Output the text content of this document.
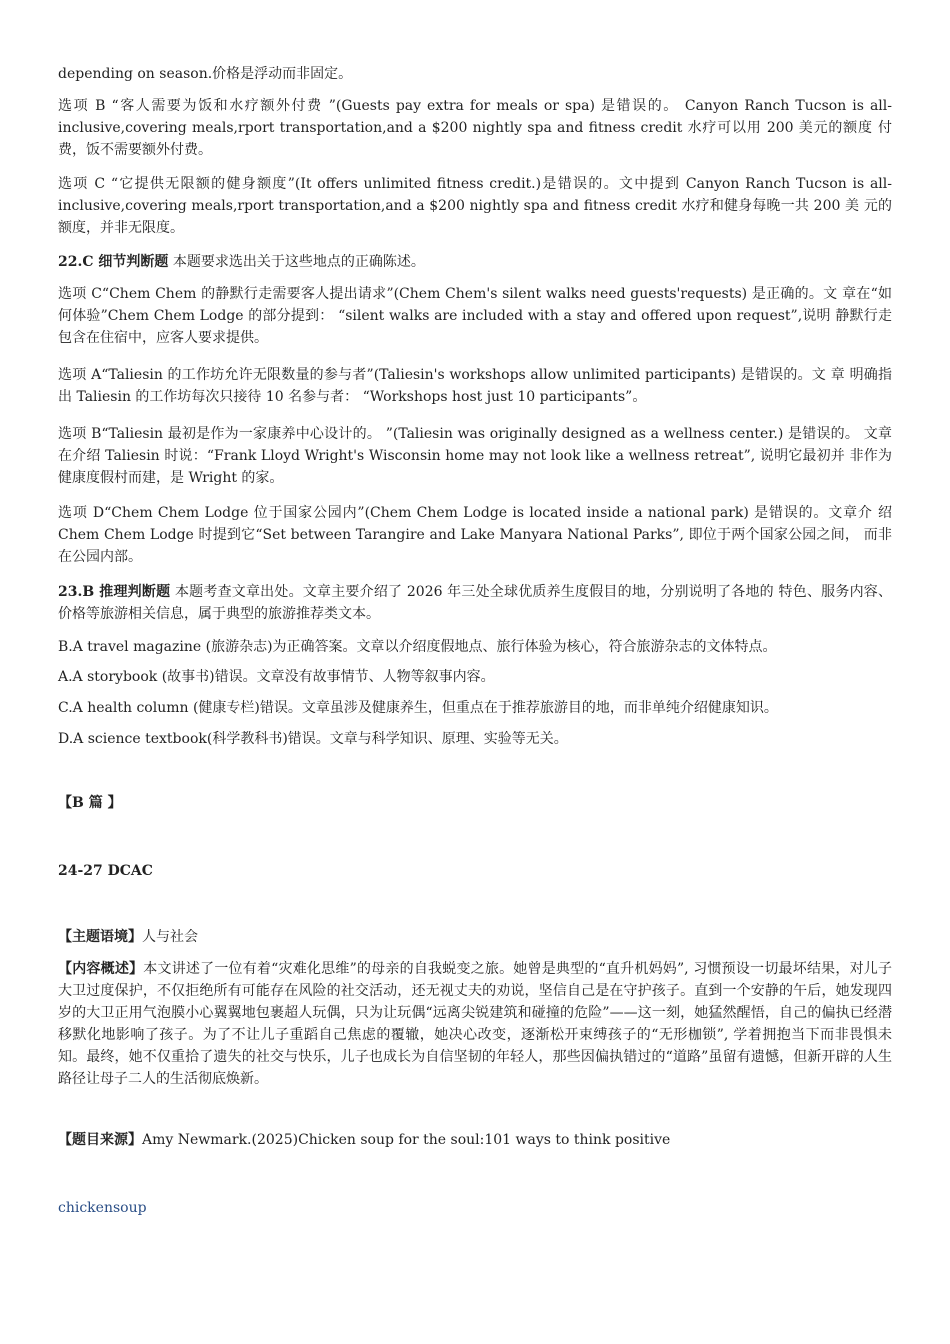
depending on season.价格是浮动而非固定。

选项 B “客人需要为饭和水疗额外付费 ”(Guests pay extra for meals or spa) 是错误的。 Canyon Ranch Tucson is all-inclusive,covering meals,rport transportation,and a $200 nightly spa and fitness credit 水疗可以用 200 美元的额度 付费，饭不需要额外付费。

选项 C “它提供无限额的健身额度”(It offers unlimited fitness credit.)是错误的。文中提到 Canyon Ranch Tucson is all-inclusive,covering meals,rport transportation,and a $200 nightly spa and fitness credit 水疗和健身每晚一共 200 美 元的额度，并非无限度。

22.C 细节判断题 本题要求选出关于这些地点的正确陈述。

选项 C“Chem Chem 的静默行走需要客人提出请求”(Chem Chem's silent walks need guests'requests) 是正确的。文 章在“如何体验”Chem Chem Lodge 的部分提到： “silent walks are included with a stay and offered upon request”,说明 静默行走包含在住宿中，应客人要求提供。

选项 A“Taliesin 的工作坊允许无限数量的参与者”(Taliesin's workshops allow unlimited participants) 是错误的。文 章 明确指出 Taliesin 的工作坊每次只接待 10 名参与者： “Workshops host just 10 participants”。

选项 B“Taliesin 最初是作为一家康养中心设计的。 ”(Taliesin was originally designed as a wellness center.) 是错误的。 文章在介绍 Taliesin 时说：“Frank Lloyd Wright's Wisconsin home may not look like a wellness retreat”, 说明它最初并 非作为健康度假村而建，是 Wright 的家。

选项 D“Chem Chem Lodge 位于国家公园内”(Chem Chem Lodge is located inside a national park) 是错误的。文章介 绍 Chem Chem Lodge 时提到它“Set between Tarangire and Lake Manyara National Parks”, 即位于两个国家公园之间， 而非在公园内部。

23.B 推理判断题 本题考查文章出处。文章主要介绍了 2026 年三处全球优质养生度假目的地，分别说明了各地的 特色、服务内容、价格等旅游相关信息，属于典型的旅游推荐类文本。

B.A travel magazine (旅游杂志)为正确答案。文章以介绍度假地点、旅行体验为核心，符合旅游杂志的文体特点。

A.A storybook (故事书)错误。文章没有故事情节、人物等叙事内容。

C.A health column (健康专栏)错误。文章虽涉及健康养生，但重点在于推荐旅游目的地，而非单纯介绍健康知识。

D.A science textbook(科学教科书)错误。文章与科学知识、原理、实验等无关。

【B 篇 】

24-27 DCAC

【主题语境】人与社会

【内容概述】本文讲述了一位有着“灾难化思维”的母亲的自我蜕变之旅。她曾是典型的“直升机妈妈”, 习惯预设一切最坏结果，对儿子大卫过度保护，不仅拒绝所有可能存在风险的社交活动，还无视丈夫的劝说，坚信自己是在守护孩子。直到一个安静的午后，她发现四岁的大卫正用气泡膜小心翼翼地包裹超人玩偶，只为让玩偶“远离尖锐建筑和碰撞的危险”——这一刻，她猛然醒悟，自己的偏执已经潜移默化地影响了孩子。为了不让儿子重蹈自己焦虑的覆辙，她决心改变，逐渐松开束缚孩子的“无形枷锁”, 学着拥抱当下而非畏惧未知。最终，她不仅重拾了遗失的社交与快乐，儿子也成长为自信坚韧的年轻人，那些因偏执错过的“道路”虽留有遗憾，但新开辟的人生路径让母子二人的生活彻底焕新。

【题目来源】Amy Newmark.(2025)Chicken soup for the soul:101 ways to think positive

chickensoup
